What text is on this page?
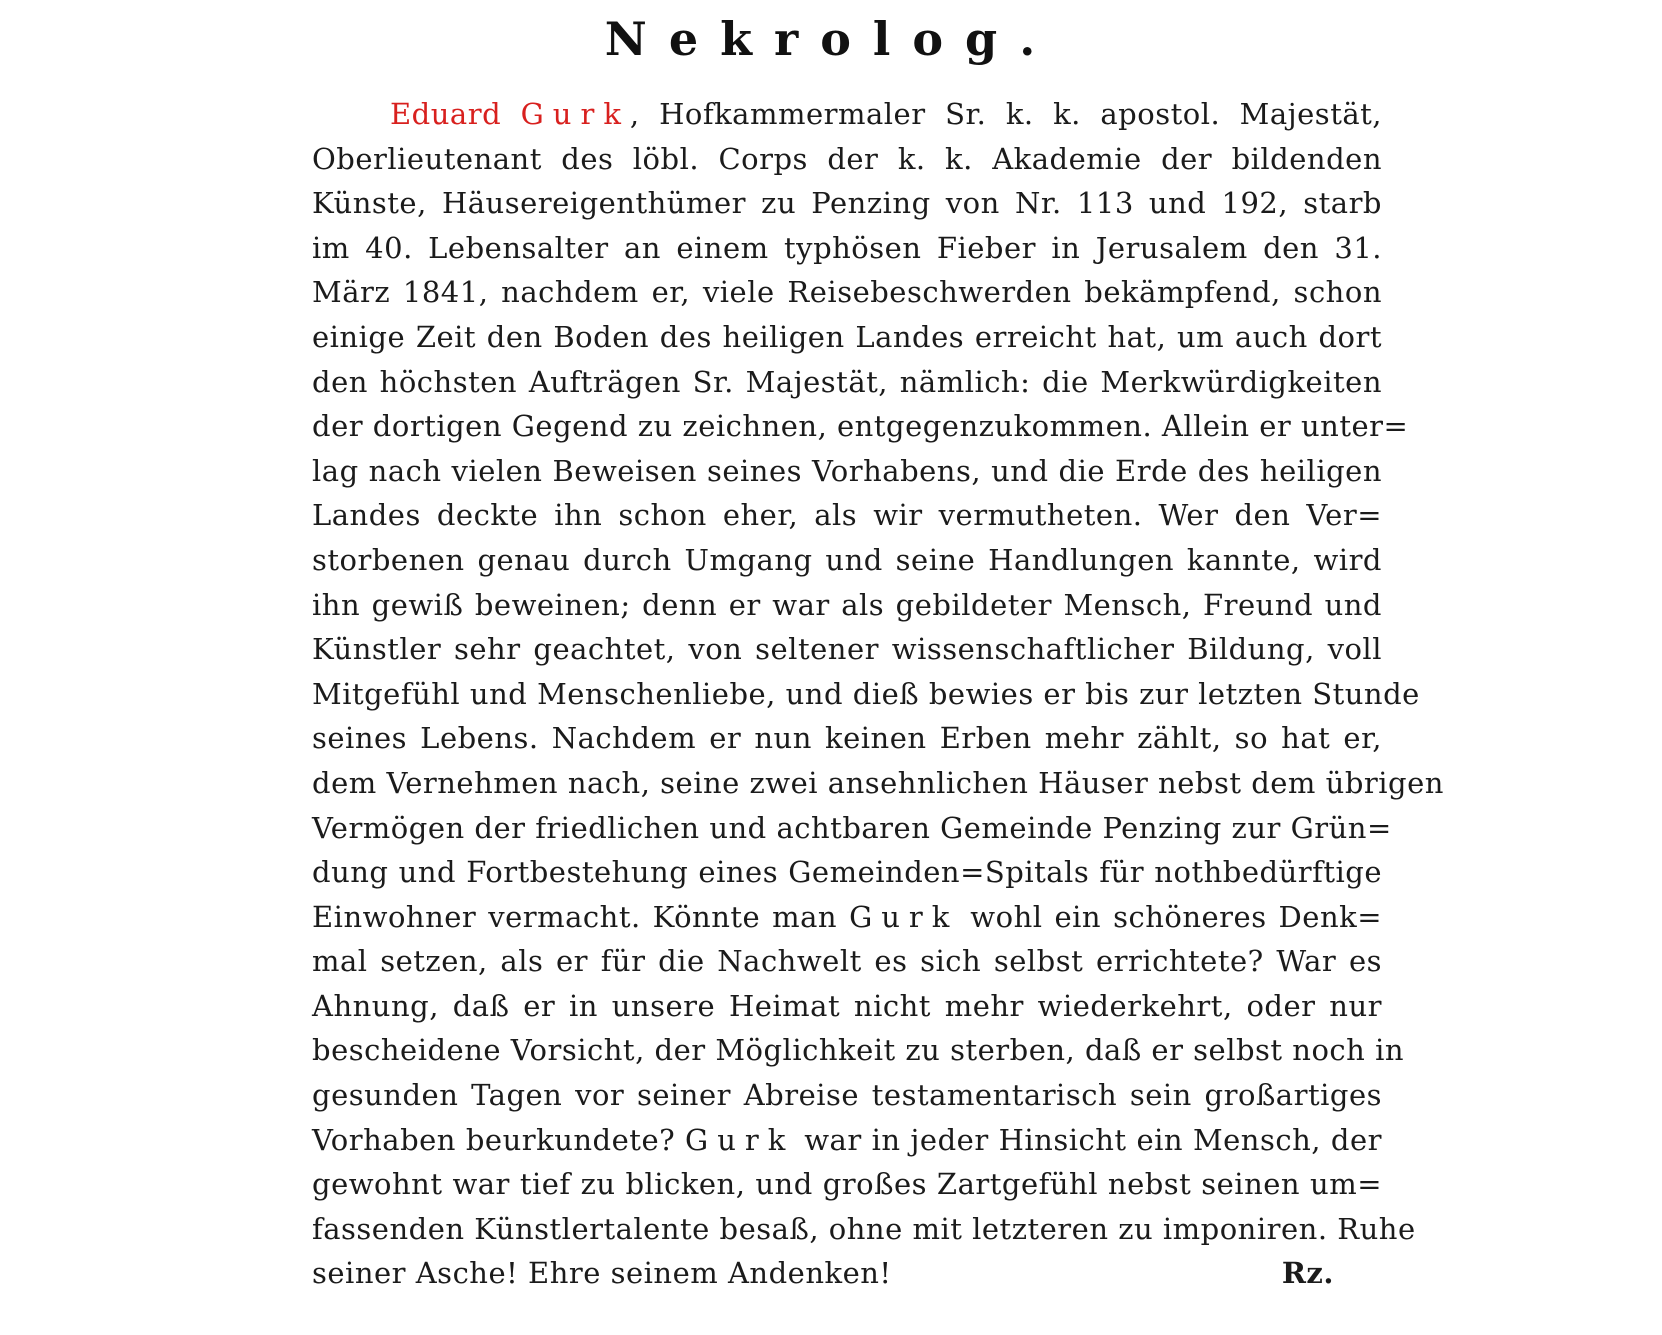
Nekrolog.
Eduard Gurk, Hofkammermaler Sr. k. k. apostol. Majestät,
Oberlieutenant des löbl. Corps der k. k. Akademie der bildenden
Künste, Häusereigenthümer zu Penzing von Nr. 113 und 192, starb
im 40. Lebensalter an einem typhösen Fieber in Jerusalem den 31.
März 1841, nachdem er, viele Reisebeschwerden bekämpfend, schon
einige Zeit den Boden des heiligen Landes erreicht hat, um auch dort
den höchsten Aufträgen Sr. Majestät, nämlich: die Merkwürdigkeiten
der dortigen Gegend zu zeichnen, entgegenzukommen. Allein er unter=
lag nach vielen Beweisen seines Vorhabens, und die Erde des heiligen
Landes deckte ihn schon eher, als wir vermutheten. Wer den Ver=
storbenen genau durch Umgang und seine Handlungen kannte, wird
ihn gewiß beweinen; denn er war als gebildeter Mensch, Freund und
Künstler sehr geachtet, von seltener wissenschaftlicher Bildung, voll
Mitgefühl und Menschenliebe, und dieß bewies er bis zur letzten Stunde
seines Lebens. Nachdem er nun keinen Erben mehr zählt, so hat er,
dem Vernehmen nach, seine zwei ansehnlichen Häuser nebst dem übrigen
Vermögen der friedlichen und achtbaren Gemeinde Penzing zur Grün=
dung und Fortbestehung eines Gemeinden=Spitals für nothbedürftige
Einwohner vermacht. Könnte man Gurk wohl ein schöneres Denk=
mal setzen, als er für die Nachwelt es sich selbst errichtete? War es
Ahnung, daß er in unsere Heimat nicht mehr wiederkehrt, oder nur
bescheidene Vorsicht, der Möglichkeit zu sterben, daß er selbst noch in
gesunden Tagen vor seiner Abreise testamentarisch sein großartiges
Vorhaben beurkundete? Gurk war in jeder Hinsicht ein Mensch, der
gewohnt war tief zu blicken, und großes Zartgefühl nebst seinen um=
fassenden Künstlertalente besaß, ohne mit letzteren zu imponiren. Ruhe
seiner Asche! Ehre seinem Andenken!	Rz.
